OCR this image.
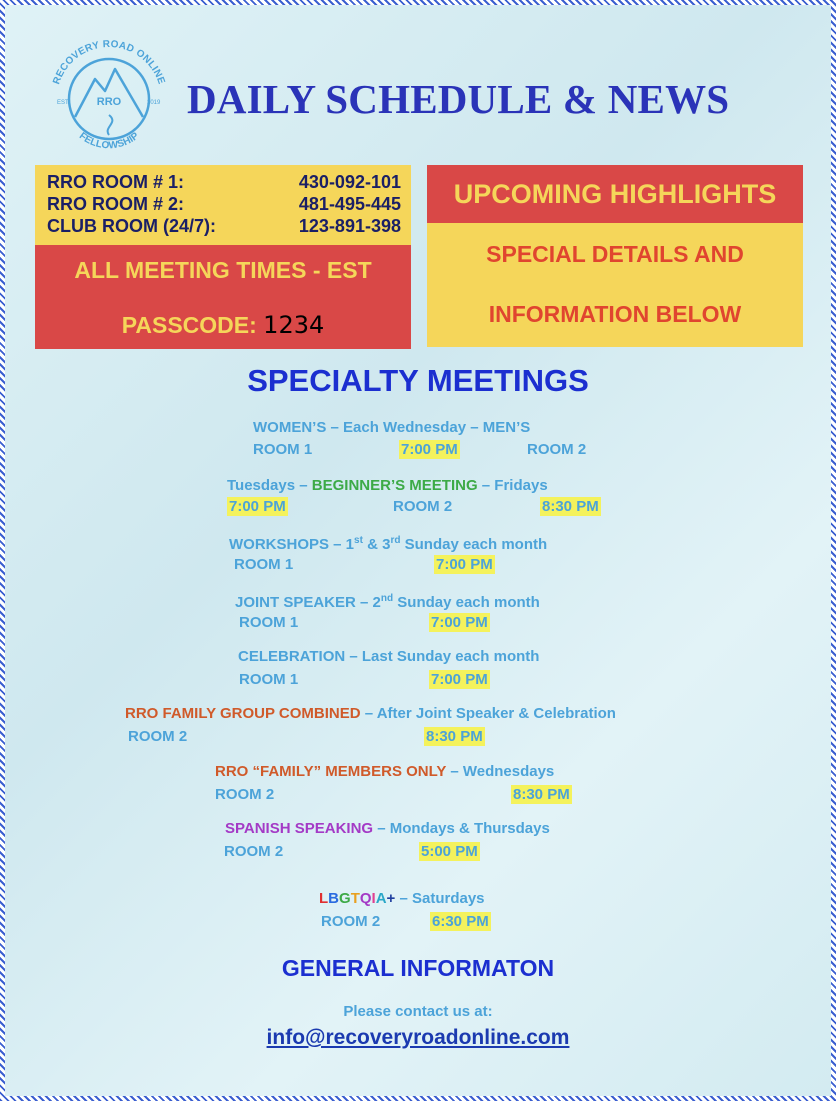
RECOVERY ROAD ONLINE
FELLOWSHIP
RRO
EST.	2019 DAILY SCHEDULE & NEWS
RRO ROOM # 1:	430-092-101
RRO ROOM # 2:	481-495-445
CLUB ROOM (24/7):	123-891-398
ALL MEETING TIMES - EST
PASSCODE: 1234
UPCOMING HIGHLIGHTS
SPECIAL DETAILS AND
INFORMATION BELOW
SPECIALTY MEETINGS
WOMEN’S – Each Wednesday – MEN’S
ROOM 1	7:00 PM	ROOM 2
Tuesdays – BEGINNER’S MEETING – Fridays
7:00 PM	ROOM 2	8:30 PM
WORKSHOPS – 1st & 3rd Sunday each month
ROOM 1	7:00 PM
JOINT SPEAKER – 2nd Sunday each month
ROOM 1	7:00 PM
CELEBRATION – Last Sunday each month
ROOM 1	7:00 PM
RRO FAMILY GROUP COMBINED – After Joint Speaker & Celebration
ROOM 2	8:30 PM
RRO “FAMILY” MEMBERS ONLY – Wednesdays
ROOM 2	8:30 PM
SPANISH SPEAKING – Mondays & Thursdays
ROOM 2	5:00 PM
LBGTQIA+ – Saturdays
ROOM 2	6:30 PM
GENERAL INFORMATON
Please contact us at:
info@recoveryroadonline.com
